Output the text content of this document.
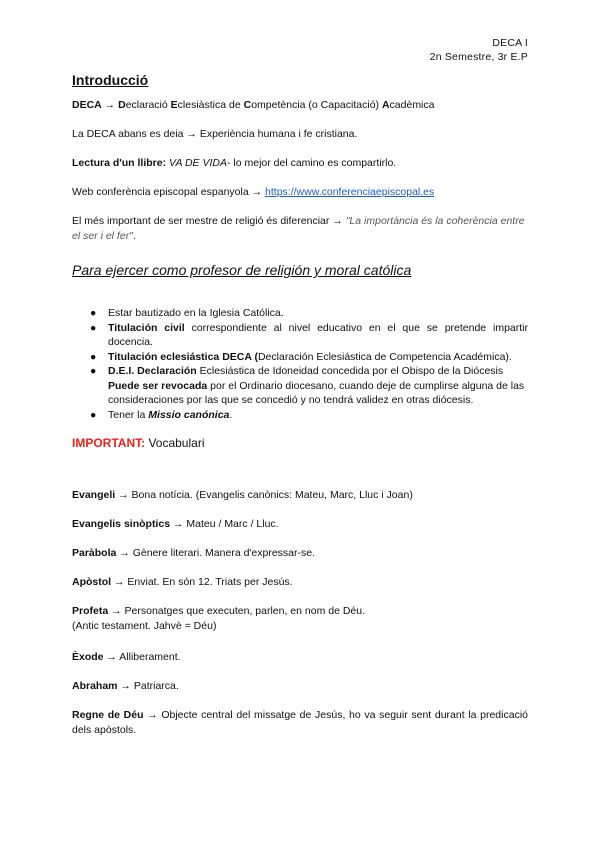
DECA I
2n Semestre, 3r E.P
Introducció
DECA → Declaració Eclesiàstica de Competència (o Capacitació) Acadèmica
La DECA abans es deia → Experiència humana i fe cristiana.
Lectura d'un llibre: VA DE VIDA- lo mejor del camino es compartirlo.
Web conferència episcopal espanyola → https://www.conferenciaepiscopal.es
El més important de ser mestre de religió és diferenciar → "La importància és la coherència entre el ser i el fer".
Para ejercer como profesor de religión y moral católica
●	Estar bautizado en la Iglesia Católica.
●	Titulación civil correspondiente al nivel educativo en el que se pretende impartir docencia.
●	Titulación eclesiástica DECA (Declaración Eclesiástica de Competencia Académica).
●	D.E.I. Declaración Eclesiástica de Idoneidad concedida por el Obispo de la Diócesis Puede ser revocada por el Ordinario diocesano, cuando deje de cumplirse alguna de las consideraciones por las que se concedió y no tendrá validez en otras diócesis.
●	Tener la Missio canónica.
IMPORTANT: Vocabulari
Evangeli → Bona notícia. (Evangelis canònics: Mateu, Marc, Lluc i Joan)
Evangelis sinòptics → Mateu / Marc / Lluc.
Paràbola → Gènere literari. Manera d'expressar-se.
Apòstol → Enviat. En són 12. Triats per Jesús.
Profeta → Personatges que executen, parlen, en nom de Déu.
(Antic testament. Jahvè = Déu)
Èxode → Alliberament.
Abraham → Patriarca.
Regne de Déu → Objecte central del missatge de Jesús, ho va seguir sent durant la predicació dels apòstols.
